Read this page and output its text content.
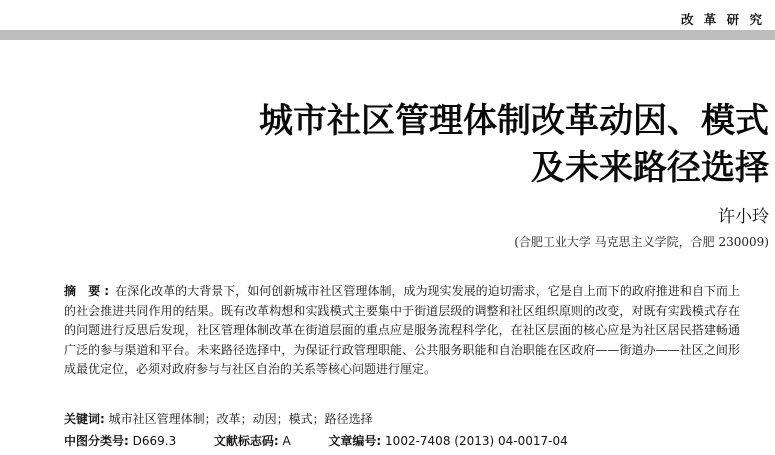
改 革 研 究
城市社区管理体制改革动因、模式
及未来路径选择
许小玲
(合肥工业大学 马克思主义学院，合肥 230009)
摘 要: 在深化改革的大背景下，如何创新城市社区管理体制，成为现实发展的迫切需求，它是自上而下的政府推进和自下而上的社会推进共同作用的结果。既有改革构想和实践模式主要集中于街道层级的调整和社区组织原则的改变，对既有实践模式存在的问题进行反思后发现，社区管理体制改革在街道层面的重点应是服务流程科学化，在社区层面的核心应是为社区居民搭建畅通广泛的参与渠道和平台。未来路径选择中，为保证行政管理职能、公共服务职能和自治职能在区政府——街道办——社区之间形成最优定位，必须对政府参与与社区自治的关系等核心问题进行厘定。
关键词: 城市社区管理体制；改革；动因；模式；路径选择
中图分类号: D669.3	文献标志码: A	文章编号: 1002-7408 (2013) 04-0017-04
